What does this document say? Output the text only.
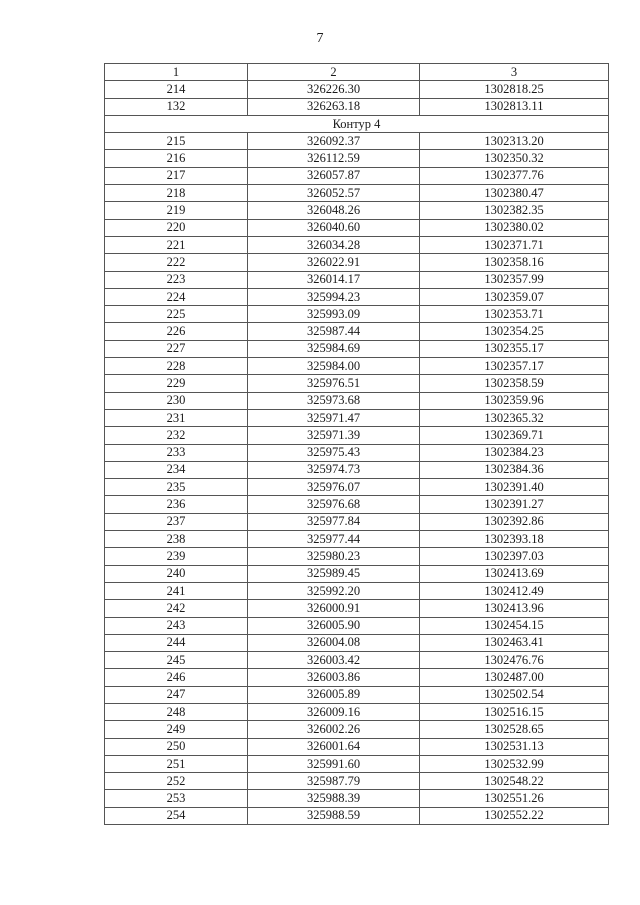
7
1	2	3
214	326226.30	1302818.25
132	326263.18	1302813.11
Контур 4		
215	326092.37	1302313.20
216	326112.59	1302350.32
217	326057.87	1302377.76
218	326052.57	1302380.47
219	326048.26	1302382.35
220	326040.60	1302380.02
221	326034.28	1302371.71
222	326022.91	1302358.16
223	326014.17	1302357.99
224	325994.23	1302359.07
225	325993.09	1302353.71
226	325987.44	1302354.25
227	325984.69	1302355.17
228	325984.00	1302357.17
229	325976.51	1302358.59
230	325973.68	1302359.96
231	325971.47	1302365.32
232	325971.39	1302369.71
233	325975.43	1302384.23
234	325974.73	1302384.36
235	325976.07	1302391.40
236	325976.68	1302391.27
237	325977.84	1302392.86
238	325977.44	1302393.18
239	325980.23	1302397.03
240	325989.45	1302413.69
241	325992.20	1302412.49
242	326000.91	1302413.96
243	326005.90	1302454.15
244	326004.08	1302463.41
245	326003.42	1302476.76
246	326003.86	1302487.00
247	326005.89	1302502.54
248	326009.16	1302516.15
249	326002.26	1302528.65
250	326001.64	1302531.13
251	325991.60	1302532.99
252	325987.79	1302548.22
253	325988.39	1302551.26
254	325988.59	1302552.22
